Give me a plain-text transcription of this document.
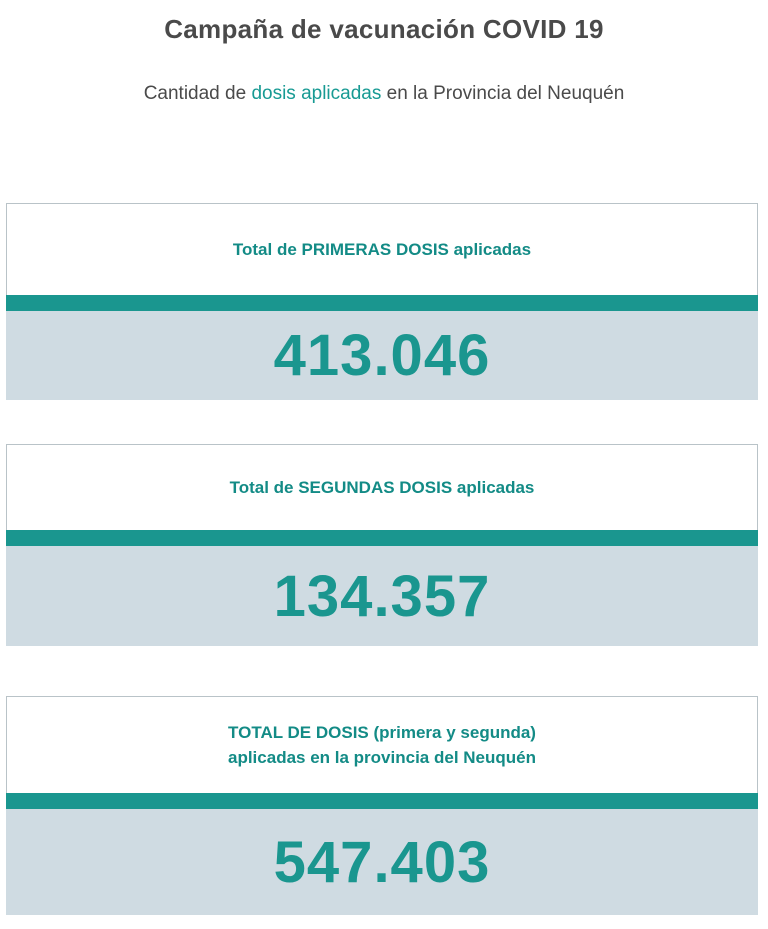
Campaña de vacunación COVID 19
Cantidad de dosis aplicadas en la Provincia del Neuquén
Total de PRIMERAS DOSIS aplicadas
413.046
Total de SEGUNDAS DOSIS aplicadas
134.357
TOTAL DE DOSIS (primera y segunda)
aplicadas en la provincia del Neuquén
547.403
